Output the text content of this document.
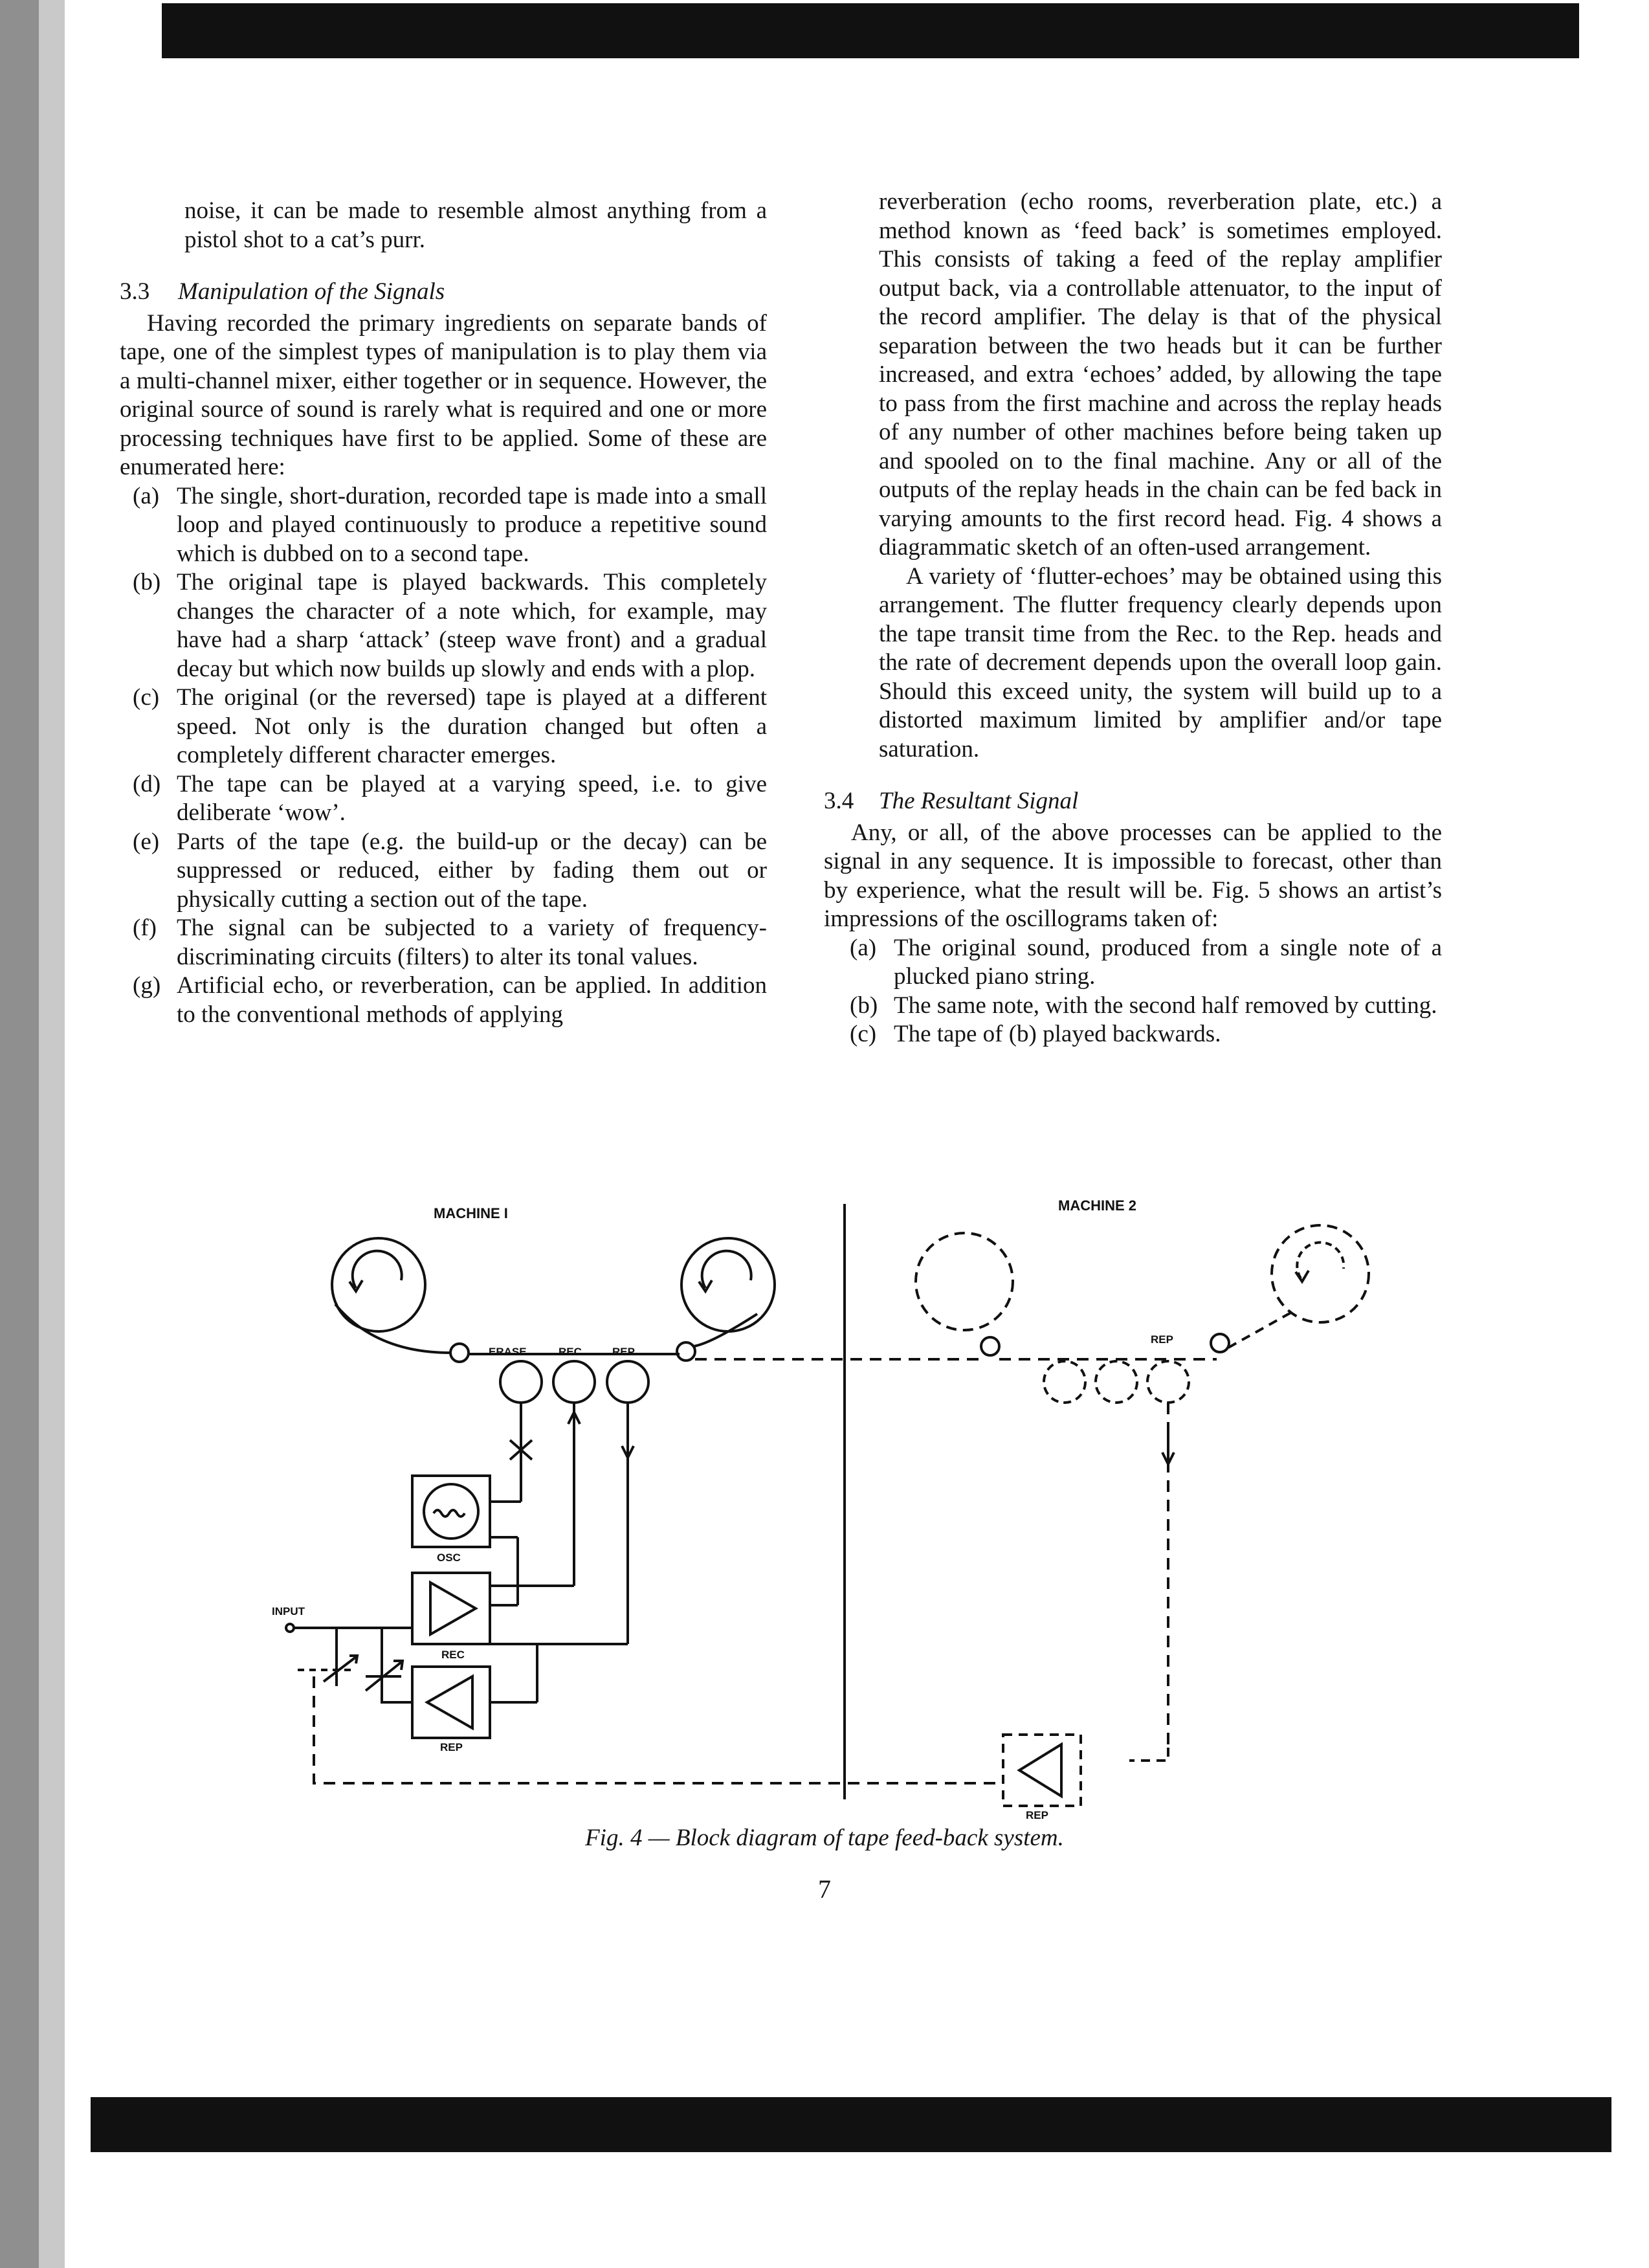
noise, it can be made to resemble almost anything from a pistol shot to a cat’s purr.

3.3 Manipulation of the Signals

Having recorded the primary ingredients on separate bands of tape, one of the simplest types of manipulation is to play them via a multi-channel mixer, either together or in sequence. However, the original source of sound is rarely what is required and one or more processing techniques have first to be applied. Some of these are enumerated here:

(a) The single, short-duration, recorded tape is made into a small loop and played continuously to produce a repetitive sound which is dubbed on to a second tape.
(b) The original tape is played backwards. This completely changes the character of a note which, for example, may have had a sharp ‘attack’ (steep wave front) and a gradual decay but which now builds up slowly and ends with a plop.
(c) The original (or the reversed) tape is played at a different speed. Not only is the duration changed but often a completely different character emerges.
(d) The tape can be played at a varying speed, i.e. to give deliberate ‘wow’.
(e) Parts of the tape (e.g. the build-up or the decay) can be suppressed or reduced, either by fading them out or physically cutting a section out of the tape.
(f) The signal can be subjected to a variety of frequency-discriminating circuits (filters) to alter its tonal values.
(g) Artificial echo, or reverberation, can be applied. In addition to the conventional methods of applying

reverberation (echo rooms, reverberation plate, etc.) a method known as ‘feed back’ is sometimes employed. This consists of taking a feed of the replay amplifier output back, via a controllable attenuator, to the input of the record amplifier. The delay is that of the physical separation between the two heads but it can be further increased, and extra ‘echoes’ added, by allowing the tape to pass from the first machine and across the replay heads of any number of other machines before being taken up and spooled on to the final machine. Any or all of the outputs of the replay heads in the chain can be fed back in varying amounts to the first record head. Fig. 4 shows a diagrammatic sketch of an often-used arrangement.

A variety of ‘flutter-echoes’ may be obtained using this arrangement. The flutter frequency clearly depends upon the tape transit time from the Rec. to the Rep. heads and the rate of decrement depends upon the overall loop gain. Should this exceed unity, the system will build up to a distorted maximum limited by amplifier and/or tape saturation.

3.4 The Resultant Signal

Any, or all, of the above processes can be applied to the signal in any sequence. It is impossible to forecast, other than by experience, what the result will be. Fig. 5 shows an artist’s impressions of the oscillograms taken of:

(a) The original sound, produced from a single note of a plucked piano string.
(b) The same note, with the second half removed by cutting.
(c) The tape of (b) played backwards.
MACHINE I	MACHINE 2
ERASE	REC	REP
OSC
INPUT
REC
REP
REP
REP
Fig. 4 — Block diagram of tape feed-back system.
7
